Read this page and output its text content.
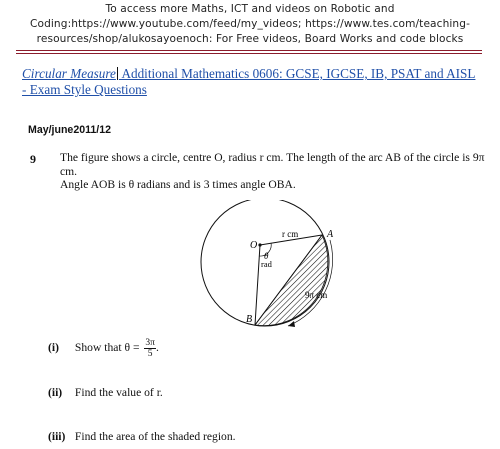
To access more Maths, ICT and videos on Robotic and
Coding:https://www.youtube.com/feed/my_videos; https://www.tes.com/teaching-
resources/shop/alukosayoenoch: For Free videos, Board Works and code blocks
Circular Measure Additional Mathematics 0606: GCSE, IGCSE, IB, PSAT and AISL - Exam Style Questions
May/june2011/12
9 The figure shows a circle, centre O, radius r cm. The length of the arc AB of the circle is 9π cm.
Angle AOB is θ radians and is 3 times angle OBA.
O
A
B
r cm
θ
rad
9π cm
(i) Show that $\theta = \frac{3\pi}{5}$ .
(ii) Find the value of r.
(iii) Find the area of the shaded region.
